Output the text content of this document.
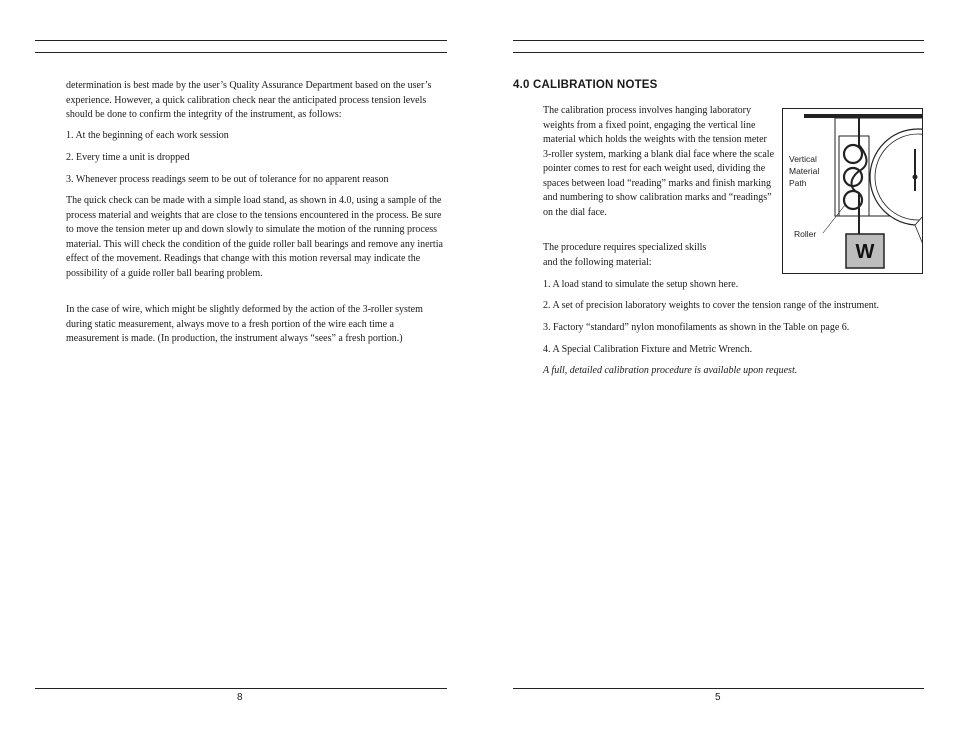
determination is best made by the user’s Quality Assurance Department based on the user’s experience. However, a quick calibration check near the anticipated process tension levels should be done to confirm the integrity of the instrument, as follows:

1. At the beginning of each work session

2. Every time a unit is dropped

3. Whenever process readings seem to be out of tolerance for no apparent reason

The quick check can be made with a simple load stand, as shown in 4.0, using a sample of the process material and weights that are close to the tensions encountered in the process. Be sure to move the tension meter up and down slowly to simulate the motion of the running process material. This will check the condition of the guide roller ball bearings and remove any inertia effect of the movement. Readings that change with this motion reversal may indicate the possibility of a guide roller ball bearing problem.

In the case of wire, which might be slightly deformed by the action of the 3-roller system during static measurement, always move to a fresh portion of the wire each time a measurement is made. (In production, the instrument always “sees” a fresh portion.)

4.0 CALIBRATION NOTES

The calibration process involves hanging laboratory weights from a fixed point, engaging the vertical line material which holds the weights with the tension meter 3-roller system, marking a blank dial face where the scale pointer comes to rest for each weight used, dividing the spaces between load “reading” marks and finish marking and numbering to show calibration marks and “readings” on the dial face.

The procedure requires specialized skills

and the following material:

1. A load stand to simulate the setup shown here.

2. A set of precision laboratory weights to cover the tension range of the instrument.

3. Factory “standard” nylon monofilaments as shown in the Table on page 6.

4. A Special Calibration Fixture and Metric Wrench.

A full, detailed calibration procedure is available upon request.

Vertical
Material
Path
Roller
W
8	5
